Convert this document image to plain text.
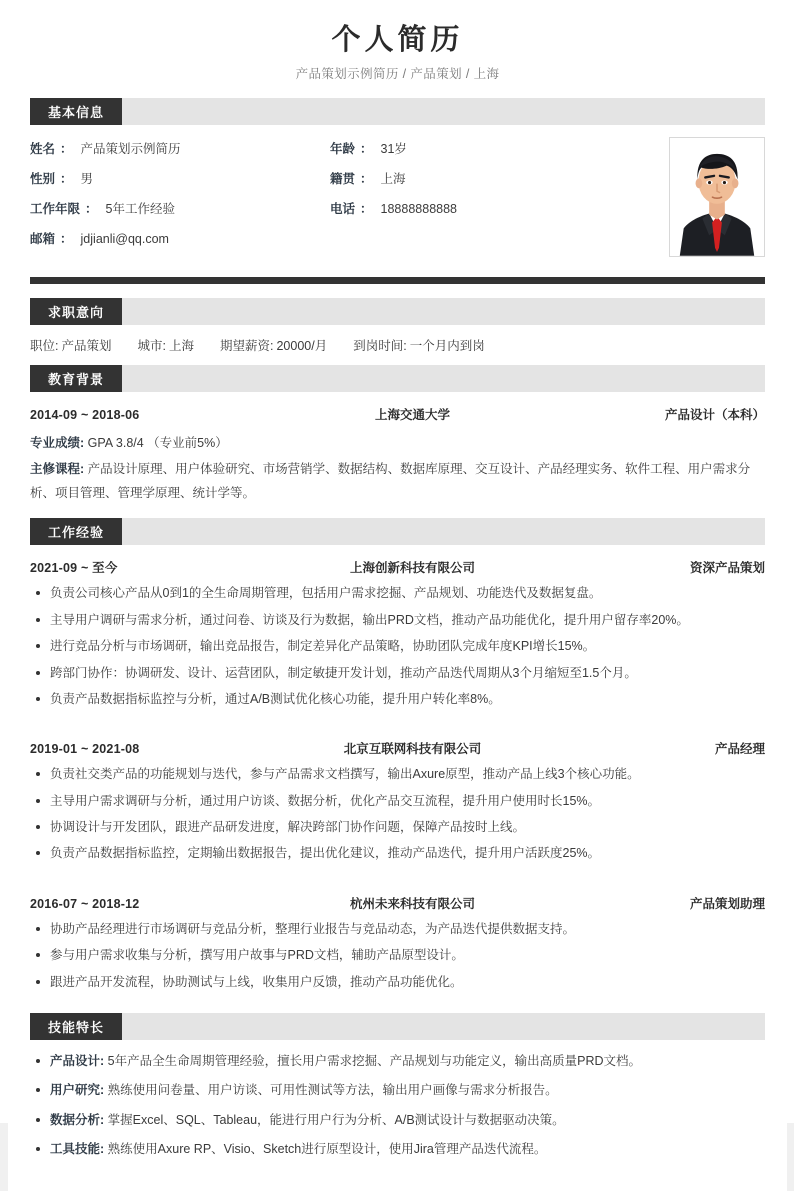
个人简历
产品策划示例简历 / 产品策划 / 上海
基本信息
姓名 ： 产品策划示例简历	年龄 ： 31岁
性别 ： 男	籍贯 ： 上海
工作年限 ： 5年工作经验	电话 ： 18888888888
邮箱 ： jdjianli@qq.com
求职意向
职位: 产品策划 城市: 上海 期望薪资: 20000/月 到岗时间: 一个月内到岗
教育背景
2014-09 ~ 2018-06	上海交通大学	产品设计（本科）
专业成绩: GPA 3.8/4 （专业前5%）
主修课程: 产品设计原理、用户体验研究、市场营销学、数据结构、数据库原理、交互设计、产品经理实务、软件工程、用户需求分析、项目管理、管理学原理、统计学等。
工作经验
2021-09 ~ 至今	上海创新科技有限公司	资深产品策划
负责公司核心产品从0到1的全生命周期管理，包括用户需求挖掘、产品规划、功能迭代及数据复盘。
主导用户调研与需求分析，通过问卷、访谈及行为数据，输出PRD文档，推动产品功能优化，提升用户留存率20%。
进行竞品分析与市场调研，输出竞品报告，制定差异化产品策略，协助团队完成年度KPI增长15%。
跨部门协作：协调研发、设计、运营团队，制定敏捷开发计划，推动产品迭代周期从3个月缩短至1.5个月。
负责产品数据指标监控与分析，通过A/B测试优化核心功能，提升用户转化率8%。
2019-01 ~ 2021-08	北京互联网科技有限公司	产品经理
负责社交类产品的功能规划与迭代，参与产品需求文档撰写，输出Axure原型，推动产品上线3个核心功能。
主导用户需求调研与分析，通过用户访谈、数据分析，优化产品交互流程，提升用户使用时长15%。
协调设计与开发团队，跟进产品研发进度，解决跨部门协作问题，保障产品按时上线。
负责产品数据指标监控，定期输出数据报告，提出优化建议，推动产品迭代，提升用户活跃度25%。
2016-07 ~ 2018-12	杭州未来科技有限公司	产品策划助理
协助产品经理进行市场调研与竞品分析，整理行业报告与竞品动态，为产品迭代提供数据支持。
参与用户需求收集与分析，撰写用户故事与PRD文档，辅助产品原型设计。
跟进产品开发流程，协助测试与上线，收集用户反馈，推动产品功能优化。
技能特长
产品设计: 5年产品全生命周期管理经验，擅长用户需求挖掘、产品规划与功能定义，输出高质量PRD文档。
用户研究: 熟练使用问卷量、用户访谈、可用性测试等方法，输出用户画像与需求分析报告。
数据分析: 掌握Excel、SQL、Tableau，能进行用户行为分析、A/B测试设计与数据驱动决策。
工具技能: 熟练使用Axure RP、Visio、Sketch进行原型设计，使用Jira管理产品迭代流程。
